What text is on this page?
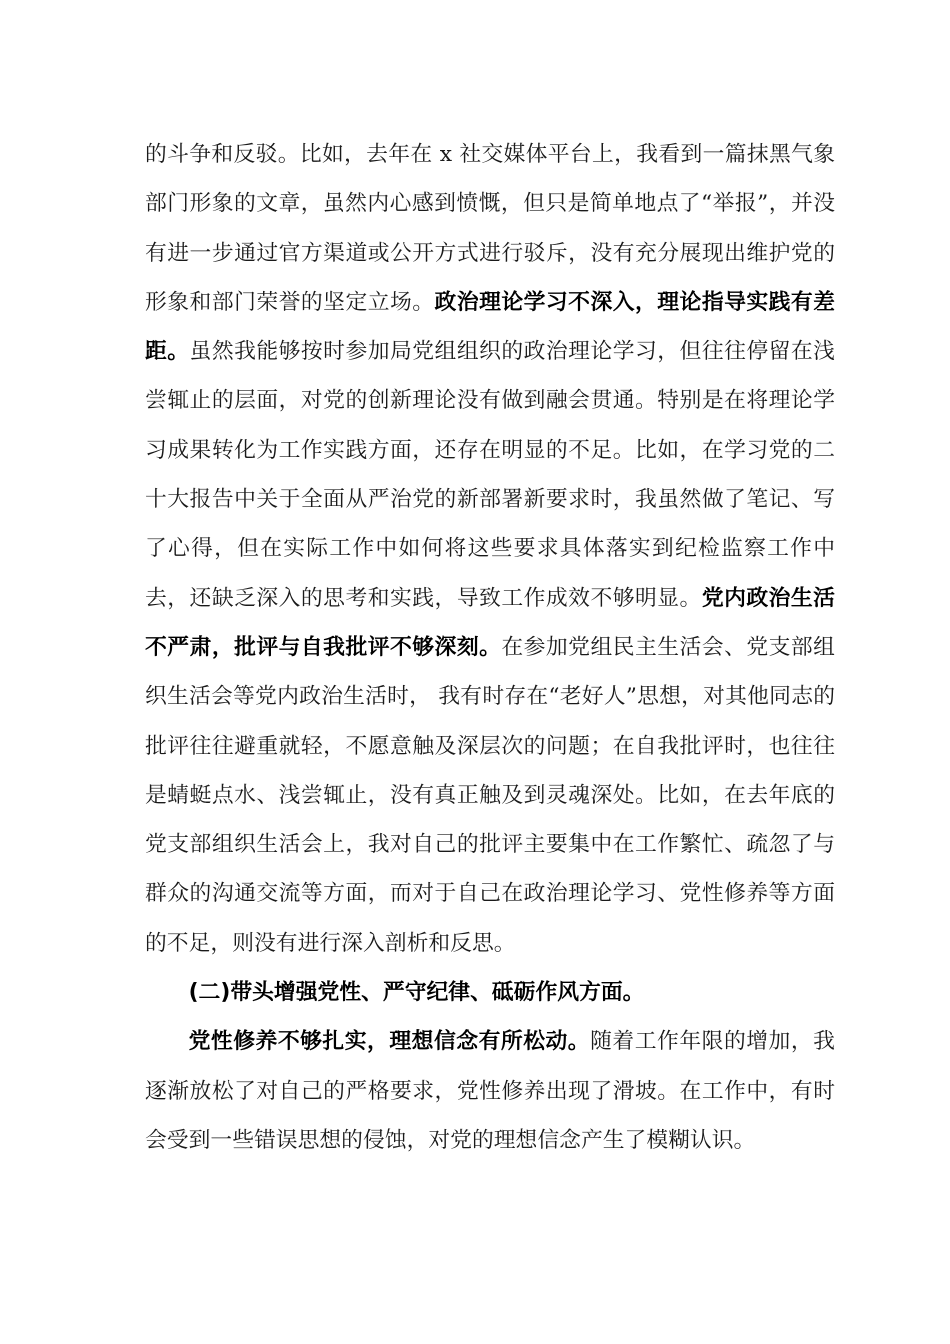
的斗争和反驳。比如，去年在 x 社交媒体平台上，我看到一篇抹黑气象部门形象的文章，虽然内心感到愤慨，但只是简单地点了“举报”，并没有进一步通过官方渠道或公开方式进行驳斥，没有充分展现出维护党的形象和部门荣誉的坚定立场。政治理论学习不深入，理论指导实践有差距。虽然我能够按时参加局党组组织的政治理论学习，但往往停留在浅尝辄止的层面，对党的创新理论没有做到融会贯通。特别是在将理论学习成果转化为工作实践方面，还存在明显的不足。比如，在学习党的二十大报告中关于全面从严治党的新部署新要求时，我虽然做了笔记、写了心得，但在实际工作中如何将这些要求具体落实到纪检监察工作中去，还缺乏深入的思考和实践，导致工作成效不够明显。党内政治生活不严肃，批评与自我批评不够深刻。在参加党组民主生活会、党支部组织生活会等党内政治生活时， 我有时存在“老好人”思想，对其他同志的批评往往避重就轻，不愿意触及深层次的问题；在自我批评时，也往往是蜻蜓点水、浅尝辄止，没有真正触及到灵魂深处。比如，在去年底的党支部组织生活会上，我对自己的批评主要集中在工作繁忙、疏忽了与群众的沟通交流等方面，而对于自己在政治理论学习、党性修养等方面的不足，则没有进行深入剖析和反思。

(二)带头增强党性、严守纪律、砥砺作风方面。

党性修养不够扎实，理想信念有所松动。随着工作年限的增加，我逐渐放松了对自己的严格要求，党性修养出现了滑坡。在工作中，有时会受到一些错误思想的侵蚀，对党的理想信念产生了模糊认识。
